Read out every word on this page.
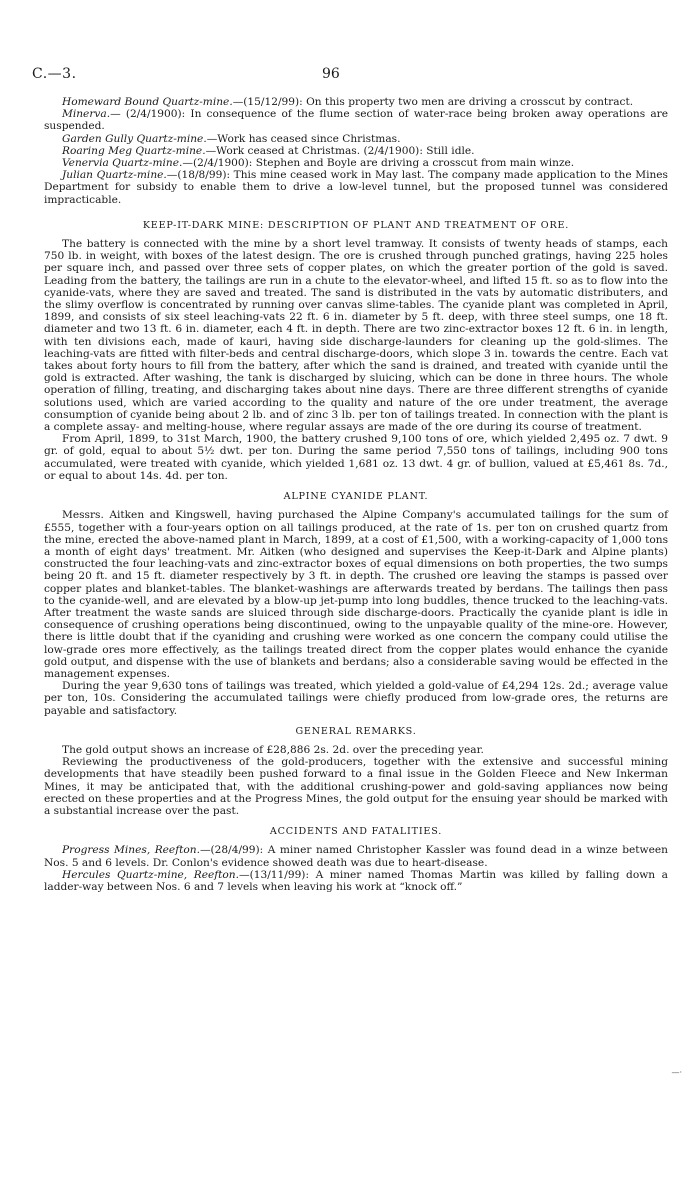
C.—3.	96

Homeward Bound Quartz-mine.—(15/12/99): On this property two men are driving a crosscut by contract.

Minerva.— (2/4/1900): In consequence of the flume section of water-race being broken away operations are suspended.

Garden Gully Quartz-mine.—Work has ceased since Christmas.

Roaring Meg Quartz-mine.—Work ceased at Christmas. (2/4/1900): Still idle.

Venervia Quartz-mine.—(2/4/1900): Stephen and Boyle are driving a crosscut from main winze.

Julian Quartz-mine.—(18/8/99): This mine ceased work in May last. The company made application to the Mines Department for subsidy to enable them to drive a low-level tunnel, but the proposed tunnel was considered impracticable.

KEEP-IT-DARK MINE: DESCRIPTION OF PLANT AND TREATMENT OF ORE.

The battery is connected with the mine by a short level tramway. It consists of twenty heads of stamps, each 750 lb. in weight, with boxes of the latest design. The ore is crushed through punched gratings, having 225 holes per square inch, and passed over three sets of copper plates, on which the greater portion of the gold is saved. Leading from the battery, the tailings are run in a chute to the elevator-wheel, and lifted 15 ft. so as to flow into the cyanide-vats, where they are saved and treated. The sand is distributed in the vats by automatic distributers, and the slimy overflow is concentrated by running over canvas slime-tables. The cyanide plant was completed in April, 1899, and consists of six steel leaching-vats 22 ft. 6 in. diameter by 5 ft. deep, with three steel sumps, one 18 ft. diameter and two 13 ft. 6 in. diameter, each 4 ft. in depth. There are two zinc-extractor boxes 12 ft. 6 in. in length, with ten divisions each, made of kauri, having side discharge-launders for cleaning up the gold-slimes. The leaching-vats are fitted with filter-beds and central discharge-doors, which slope 3 in. towards the centre. Each vat takes about forty hours to fill from the battery, after which the sand is drained, and treated with cyanide until the gold is extracted. After washing, the tank is discharged by sluicing, which can be done in three hours. The whole operation of filling, treating, and discharging takes about nine days. There are three different strengths of cyanide solutions used, which are varied according to the quality and nature of the ore under treatment, the average consumption of cyanide being about 2 lb. and of zinc 3 lb. per ton of tailings treated. In connection with the plant is a complete assay- and melting-house, where regular assays are made of the ore during its course of treatment.

From April, 1899, to 31st March, 1900, the battery crushed 9,100 tons of ore, which yielded 2,495 oz. 7 dwt. 9 gr. of gold, equal to about 5½ dwt. per ton. During the same period 7,550 tons of tailings, including 900 tons accumulated, were treated with cyanide, which yielded 1,681 oz. 13 dwt. 4 gr. of bullion, valued at £5,461 8s. 7d., or equal to about 14s. 4d. per ton.

ALPINE CYANIDE PLANT.

Messrs. Aitken and Kingswell, having purchased the Alpine Company's accumulated tailings for the sum of £555, together with a four-years option on all tailings produced, at the rate of 1s. per ton on crushed quartz from the mine, erected the above-named plant in March, 1899, at a cost of £1,500, with a working-capacity of 1,000 tons a month of eight days' treatment. Mr. Aitken (who designed and supervises the Keep-it-Dark and Alpine plants) constructed the four leaching-vats and zinc-extractor boxes of equal dimensions on both properties, the two sumps being 20 ft. and 15 ft. diameter respectively by 3 ft. in depth. The crushed ore leaving the stamps is passed over copper plates and blanket-tables. The blanket-washings are afterwards treated by berdans. The tailings then pass to the cyanide-well, and are elevated by a blow-up jet-pump into long buddles, thence trucked to the leaching-vats. After treatment the waste sands are sluiced through side discharge-doors. Practically the cyanide plant is idle in consequence of crushing operations being discontinued, owing to the unpayable quality of the mine-ore. However, there is little doubt that if the cyaniding and crushing were worked as one concern the company could utilise the low-grade ores more effectively, as the tailings treated direct from the copper plates would enhance the cyanide gold output, and dispense with the use of blankets and berdans; also a considerable saving would be effected in the management expenses.

During the year 9,630 tons of tailings was treated, which yielded a gold-value of £4,294 12s. 2d.; average value per ton, 10s. Considering the accumulated tailings were chiefly produced from low-grade ores, the returns are payable and satisfactory.

GENERAL REMARKS.

The gold output shows an increase of £28,886 2s. 2d. over the preceding year.

Reviewing the productiveness of the gold-producers, together with the extensive and successful mining developments that have steadily been pushed forward to a final issue in the Golden Fleece and New Inkerman Mines, it may be anticipated that, with the additional crushing-power and gold-saving appliances now being erected on these properties and at the Progress Mines, the gold output for the ensuing year should be marked with a substantial increase over the past.

ACCIDENTS AND FATALITIES.

Progress Mines, Reefton.—(28/4/99): A miner named Christopher Kassler was found dead in a winze between Nos. 5 and 6 levels. Dr. Conlon's evidence showed death was due to heart-disease.

Hercules Quartz-mine, Reefton.—(13/11/99): A miner named Thomas Martin was killed by falling down a ladder-way between Nos. 6 and 7 levels when leaving his work at “knock off.”

—·
